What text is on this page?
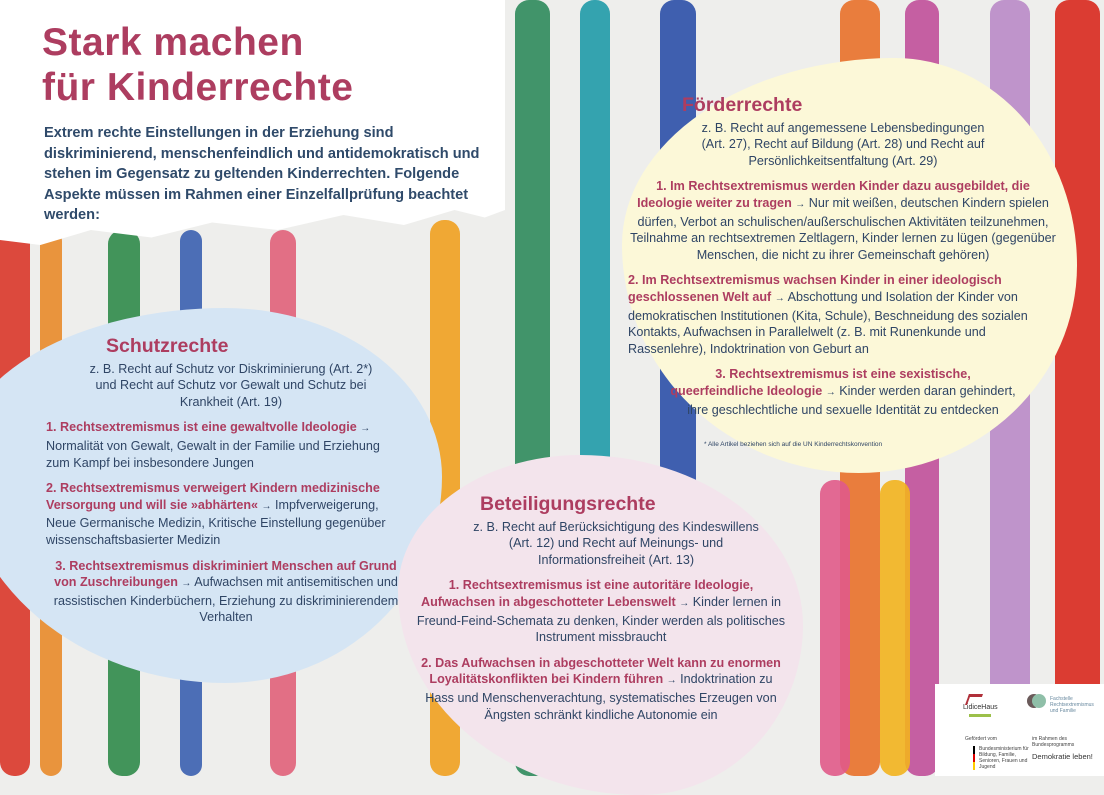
Stark machen
für Kinderrechte

Extrem rechte Einstellungen in der Erziehung sind diskriminierend, menschenfeindlich und antidemokratisch und stehen im Gegensatz zu geltenden Kinderrechten. Folgende Aspekte müssen im Rahmen einer Einzelfallprüfung beachtet werden:

Förderrechte

z. B. Recht auf angemessene Lebensbedingungen (Art. 27), Recht auf Bildung (Art. 28) und Recht auf Persönlichkeitsentfaltung (Art. 29)

1. Im Rechtsextremismus werden Kinder dazu ausgebildet, die Ideologie weiter zu tragen → Nur mit weißen, deutschen Kindern spielen dürfen, Verbot an schulischen/außerschulischen Aktivitäten teilzunehmen, Teilnahme an rechtsextremen Zeltlagern, Kinder lernen zu lügen (gegenüber Menschen, die nicht zu ihrer Gemeinschaft gehören)

2. Im Rechtsextremismus wachsen Kinder in einer ideologisch geschlossenen Welt auf → Abschottung und Isolation der Kinder von demokratischen Institutionen (Kita, Schule), Beschneidung des sozialen Kontakts, Aufwachsen in Parallelwelt (z. B. mit Runenkunde und Rassenlehre), Indoktrination von Geburt an

3. Rechtsextremismus ist eine sexistische, queerfeindliche Ideologie → Kinder werden daran gehindert, ihre geschlechtliche und sexuelle Identität zu entdecken

* Alle Artikel beziehen sich auf die UN Kinderrechtskonvention
Schutzrechte

z. B. Recht auf Schutz vor Diskriminierung (Art. 2*) und Recht auf Schutz vor Gewalt und Schutz bei Krankheit (Art. 19)

1. Rechtsextremismus ist eine gewaltvolle Ideologie → Normalität von Gewalt, Gewalt in der Familie und Erziehung zum Kampf bei insbesondere Jungen

2. Rechtsextremismus verweigert Kindern medizinische Versorgung und will sie »abhärten« → Impfverweigerung, Neue Germanische Medizin, Kritische Einstellung gegenüber wissenschaftsbasierter Medizin

3. Rechtsextremismus diskriminiert Menschen auf Grund von Zuschreibungen → Aufwachsen mit antisemitischen und rassistischen Kinderbüchern, Erziehung zu diskriminierendem Verhalten

Beteiligungsrechte

z. B. Recht auf Berücksichtigung des Kindeswillens (Art. 12) und Recht auf Meinungs- und Informationsfreiheit (Art. 13)

1. Rechtsextremismus ist eine autoritäre Ideologie, Aufwachsen in abgeschotteter Lebenswelt → Kinder lernen in Freund-Feind-Schemata zu denken, Kinder werden als politisches Instrument missbraucht

2. Das Aufwachsen in abgeschotteter Welt kann zu enormen Loyalitätskonflikten bei Kindern führen → Indoktrination zu Hass und Menschenverachtung, systematisches Erzeugen von Ängsten schränkt kindliche Autonomie ein

LidiceHaus
Fachstelle Rechtsextremismus und Familie
Gefördert vom	im Rahmen des Bundesprogramms
Bundesministerium für Bildung, Familie, Senioren, Frauen und Jugend
Demokratie leben!
